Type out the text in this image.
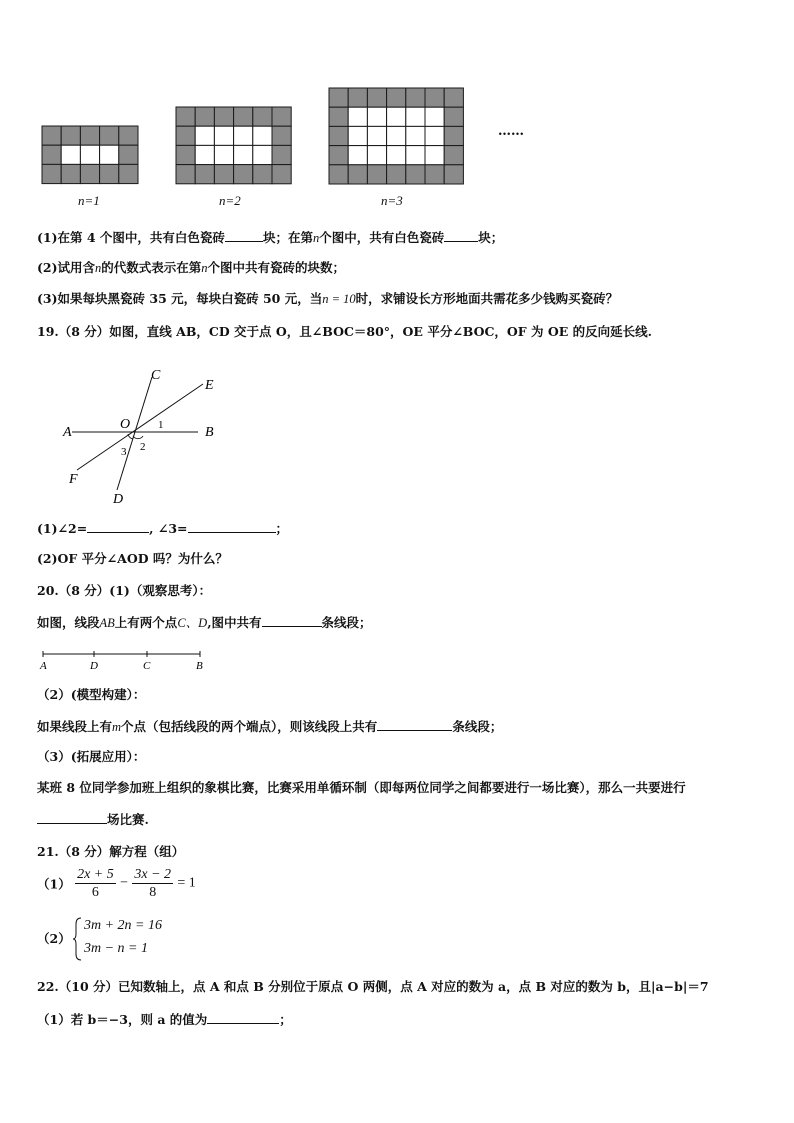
……
n=1	n=2	n=3
(1)在第 4 个图中，共有白色瓷砖	块；在第n个图中，共有白色瓷砖	块；
(2)试用含n的代数式表示在第n个图中共有瓷砖的块数；
(3)如果每块黑瓷砖 35 元，每块白瓷砖 50 元，当n = 10时，求铺设长方形地面共需花多少钱购买瓷砖？
19.（8 分）如图，直线 AB，CD 交于点 O，且∠BOC＝80°，OE 平分∠BOC，OF 为 OE 的反向延长线.
A	B
C
D
E
F
O	1
2
3
(1)∠2=	, ∠3=	；
(2)OF 平分∠AOD 吗？为什么？
20.（8 分）(1)（观察思考）：
如图，线段AB上有两个点C、D,图中共有	条线段；
A	D	C	B
（2）(模型构建）：
如果线段上有m个点（包括线段的两个端点），则该线段上共有	条线段；
（3）(拓展应用）：
某班 8 位同学参加班上组织的象棋比赛，比赛采用单循环制（即每两位同学之间都要进行一场比赛），那么一共要进行
场比赛.
21.（8 分）解方程（组）
$(1) \frac{2x + 5}{6} - \frac{3x - 2}{8} = 1$
（2）
3m + 2n = 16
3m − n = 1
22.（10 分）已知数轴上，点 A 和点 B 分别位于原点 O 两侧，点 A 对应的数为 a，点 B 对应的数为 b，且|a−b|＝7
（1）若 b＝−3，则 a 的值为	；
